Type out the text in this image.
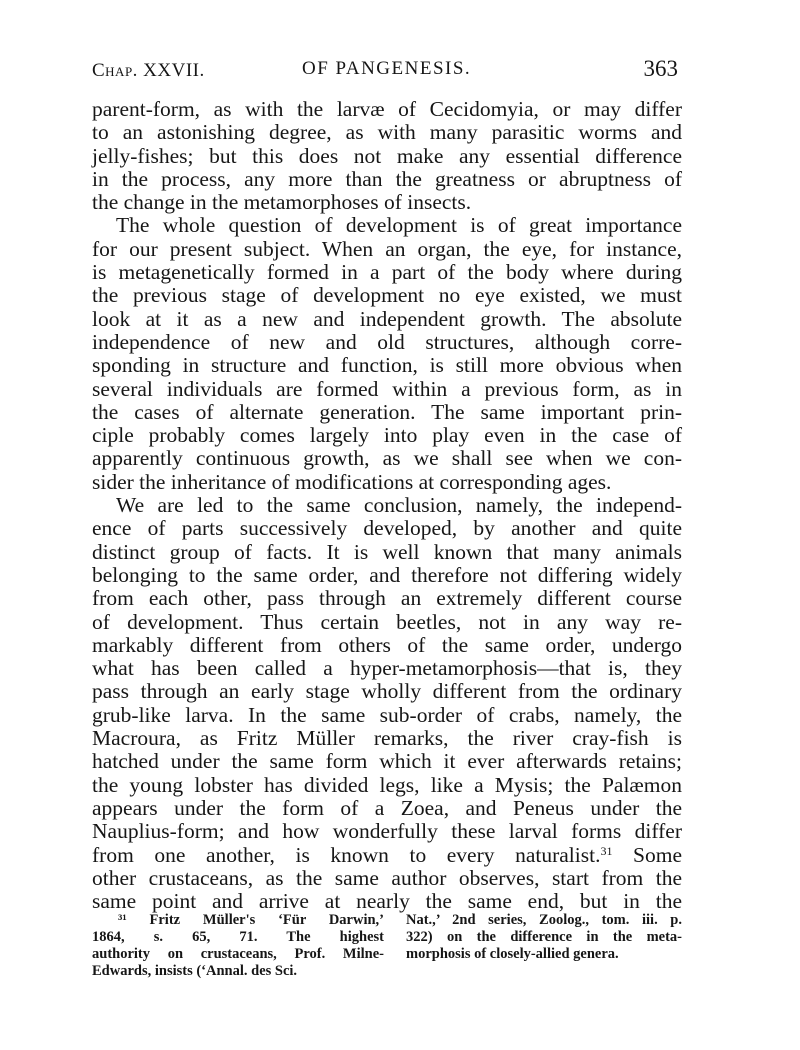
Chap. XXVII.	OF PANGENESIS.	363
parent-form, as with the larvæ of Cecidomyia, or may differ
to an astonishing degree, as with many parasitic worms and
jelly-fishes; but this does not make any essential difference
in the process, any more than the greatness or abruptness of
the change in the metamorphoses of insects.
The whole question of development is of great importance
for our present subject. When an organ, the eye, for instance,
is metagenetically formed in a part of the body where during
the previous stage of development no eye existed, we must
look at it as a new and independent growth. The absolute
independence of new and old structures, although corre-
sponding in structure and function, is still more obvious when
several individuals are formed within a previous form, as in
the cases of alternate generation. The same important prin-
ciple probably comes largely into play even in the case of
apparently continuous growth, as we shall see when we con-
sider the inheritance of modifications at corresponding ages.
We are led to the same conclusion, namely, the independ-
ence of parts successively developed, by another and quite
distinct group of facts. It is well known that many animals
belonging to the same order, and therefore not differing widely
from each other, pass through an extremely different course
of development. Thus certain beetles, not in any way re-
markably different from others of the same order, undergo
what has been called a hyper-metamorphosis—that is, they
pass through an early stage wholly different from the ordinary
grub-like larva. In the same sub-order of crabs, namely, the
Macroura, as Fritz Müller remarks, the river cray-fish is
hatched under the same form which it ever afterwards retains;
the young lobster has divided legs, like a Mysis; the Palæmon
appears under the form of a Zoea, and Peneus under the
Nauplius-form; and how wonderfully these larval forms differ
from one another, is known to every naturalist.$^{31}$ Some
other crustaceans, as the same author observes, start from the
same point and arrive at nearly the same end, but in the
³¹ Fritz Müller's ‘Für Darwin,’
1864, s. 65, 71. The highest
authority on crustaceans, Prof. Milne-
Edwards, insists (‘Annal. des Sci.
Nat.,’ 2nd series, Zoolog., tom. iii. p.
322) on the difference in the meta-
morphosis of closely-allied genera.
